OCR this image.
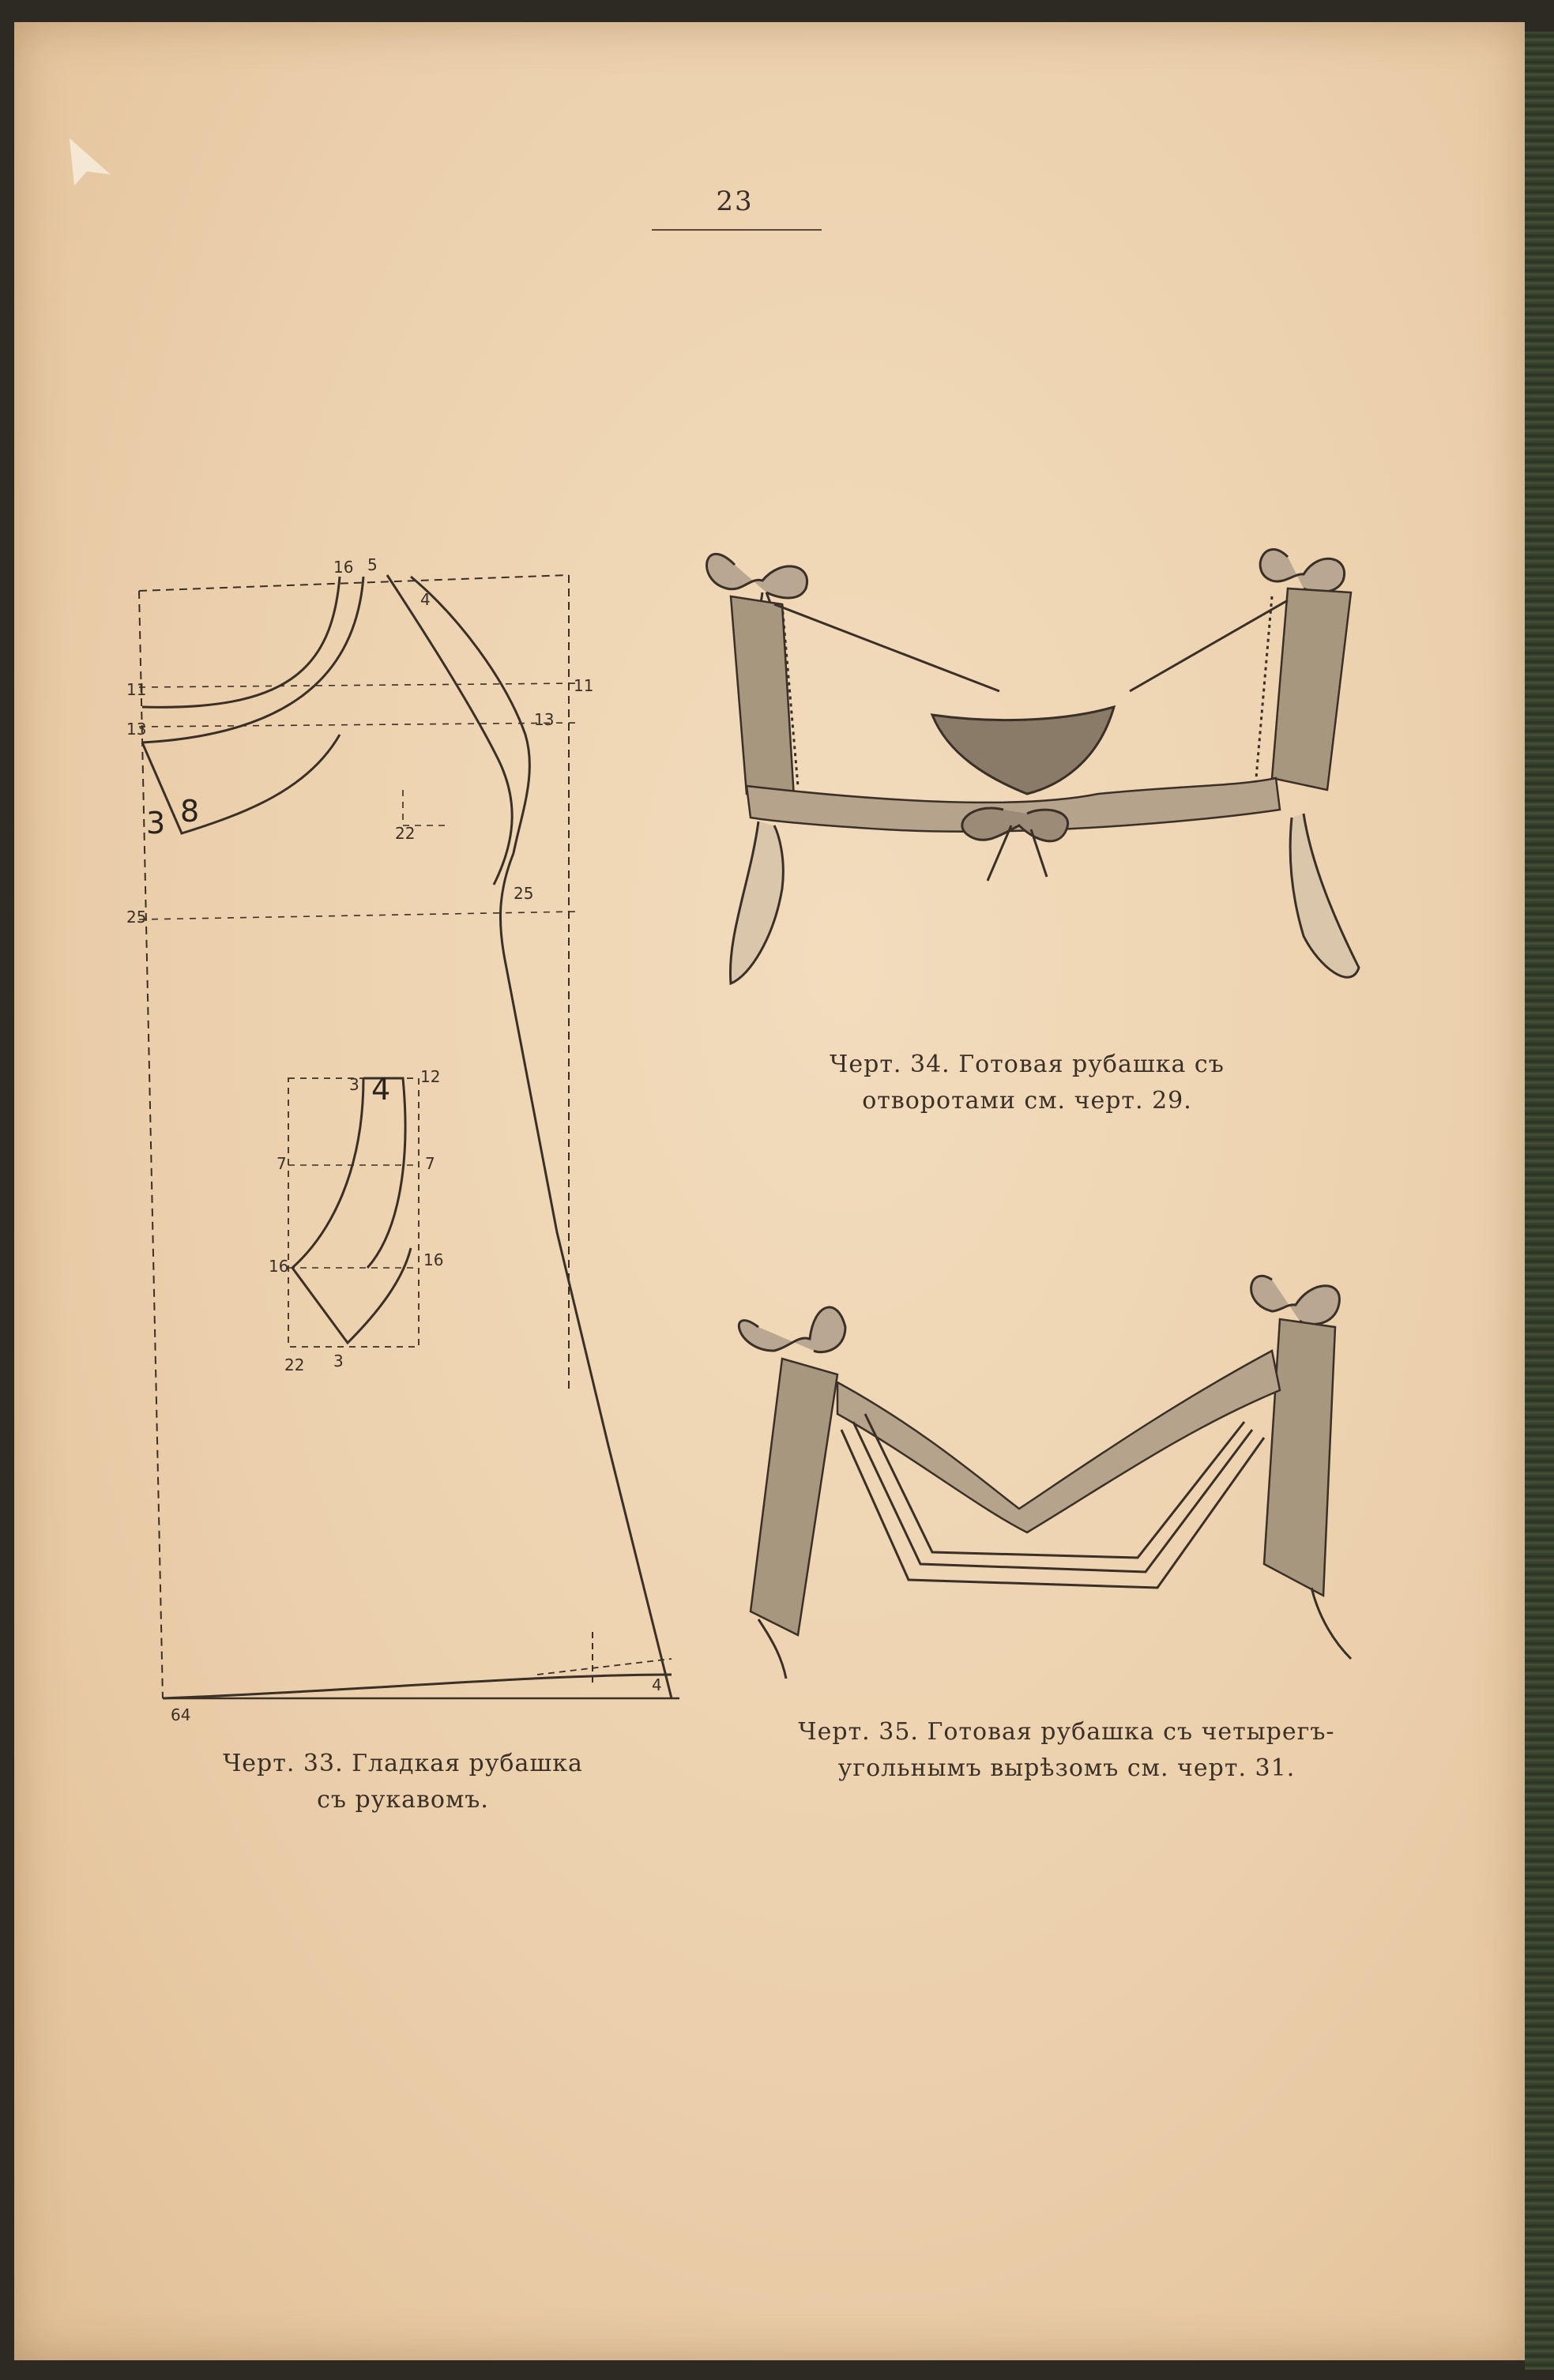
23
16 5
4
11	11
13	13
3 8
22
25
25
3 4 12
7	7
16	16
22 3
64
4
Черт. 33. Гладкая рубашка
съ рукавомъ.
Черт. 34. Готовая рубашка съ
отворотами см. черт. 29.
Черт. 35. Готовая рубашка съ четырегъ-
угольнымъ вырѣзомъ см. черт. 31.
